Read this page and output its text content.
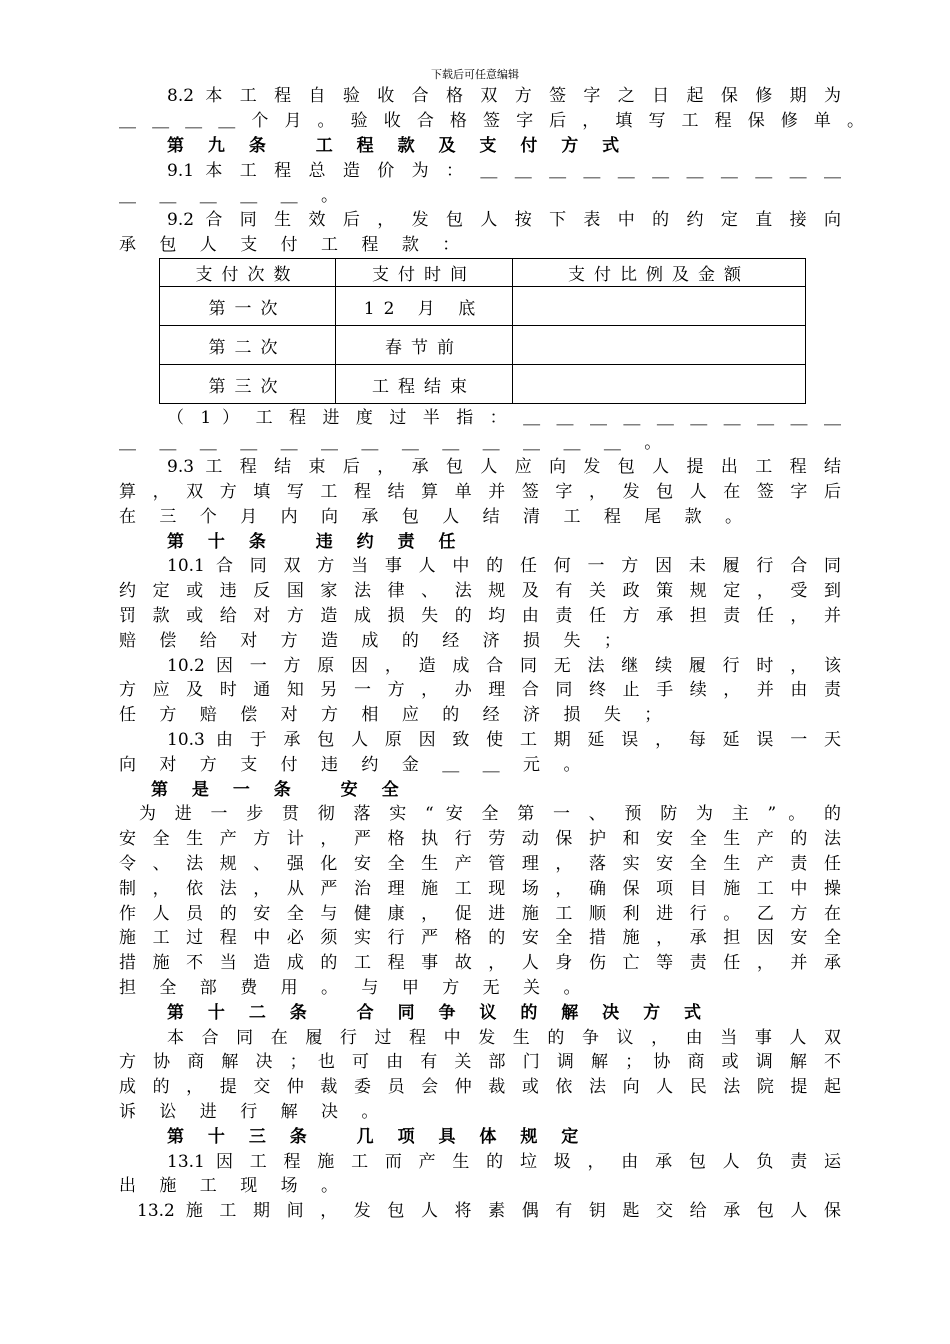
下载后可任意编辑
8.2 本 工 程 自 验 收 合 格 双 方 签 字 之 日 起 保 修 期 为
＿ ＿ ＿ ＿ 个 月 。 验 收 合 格 签 字 后 ， 填 写 工 程 保 修 单 。
第 九 条 　工 程 款 及 支 付 方 式
9.1 本 工 程 总 造 价 为 ： ＿ ＿ ＿ ＿ ＿ ＿ ＿ ＿ ＿ ＿ ＿
＿ ＿ ＿ ＿ ＿ 。
9.2 合 同 生 效 后 ， 发 包 人 按 下 表 中 的 约 定 直 接 向
承 包 人 支 付 工 程 款 ：
支付次数	支付时间	支付比例及金额
第一次	12 月 底	
第二次	春节前	
第三次	工程结束	
（ 1 ） 工 程 进 度 过 半 指 ： ＿ ＿ ＿ ＿ ＿ ＿ ＿ ＿ ＿ ＿
＿ ＿ ＿ ＿ ＿ ＿ ＿ ＿ ＿ ＿ ＿ ＿ ＿ 。
9.3 工 程 结 束 后 ， 承 包 人 应 向 发 包 人 提 出 工 程 结
算 ， 双 方 填 写 工 程 结 算 单 并 签 字 ， 发 包 人 在 签 字 后
在 三 个 月 内 向 承 包 人 结 清 工 程 尾 款 。
第 十 条 　违 约 责 任
10.1 合 同 双 方 当 事 人 中 的 任 何 一 方 因 未 履 行 合 同
约 定 或 违 反 国 家 法 律 、 法 规 及 有 关 政 策 规 定 ， 受 到
罚 款 或 给 对 方 造 成 损 失 的 均 由 责 任 方 承 担 责 任 ， 并
赔 偿 给 对 方 造 成 的 经 济 损 失 ；
10.2 因 一 方 原 因 ， 造 成 合 同 无 法 继 续 履 行 时 ， 该
方 应 及 时 通 知 另 一 方 ， 办 理 合 同 终 止 手 续 ， 并 由 责
任 方 赔 偿 对 方 相 应 的 经 济 损 失 ；
10.3 由 于 承 包 人 原 因 致 使 工 期 延 误 ， 每 延 误 一 天
向 对 方 支 付 违 约 金 ＿ ＿ 元 。
第 是 一 条 　安 全
为 进 一 步 贯 彻 落 实 “ 安 全 第 一 、 预 防 为 主 ” 。 的
安 全 生 产 方 计 ， 严 格 执 行 劳 动 保 护 和 安 全 生 产 的 法
令 、 法 规 、 强 化 安 全 生 产 管 理 ， 落 实 安 全 生 产 责 任
制 ， 依 法 ， 从 严 治 理 施 工 现 场 ， 确 保 项 目 施 工 中 操
作 人 员 的 安 全 与 健 康 ， 促 进 施 工 顺 利 进 行 。 乙 方 在
施 工 过 程 中 必 须 实 行 严 格 的 安 全 措 施 ， 承 担 因 安 全
措 施 不 当 造 成 的 工 程 事 故 ， 人 身 伤 亡 等 责 任 ， 并 承
担 全 部 费 用 。 与 甲 方 无 关 。
第 十 二 条 　合 同 争 议 的 解 决 方 式
本 合 同 在 履 行 过 程 中 发 生 的 争 议 ， 由 当 事 人 双
方 协 商 解 决 ； 也 可 由 有 关 部 门 调 解 ； 协 商 或 调 解 不
成 的 ， 提 交 仲 裁 委 员 会 仲 裁 或 依 法 向 人 民 法 院 提 起
诉 讼 进 行 解 决 。
第 十 三 条 　几 项 具 体 规 定
13.1 因 工 程 施 工 而 产 生 的 垃 圾 ， 由 承 包 人 负 责 运
出 施 工 现 场 。
13.2 施 工 期 间 ， 发 包 人 将 素 偶 有 钥 匙 交 给 承 包 人 保
